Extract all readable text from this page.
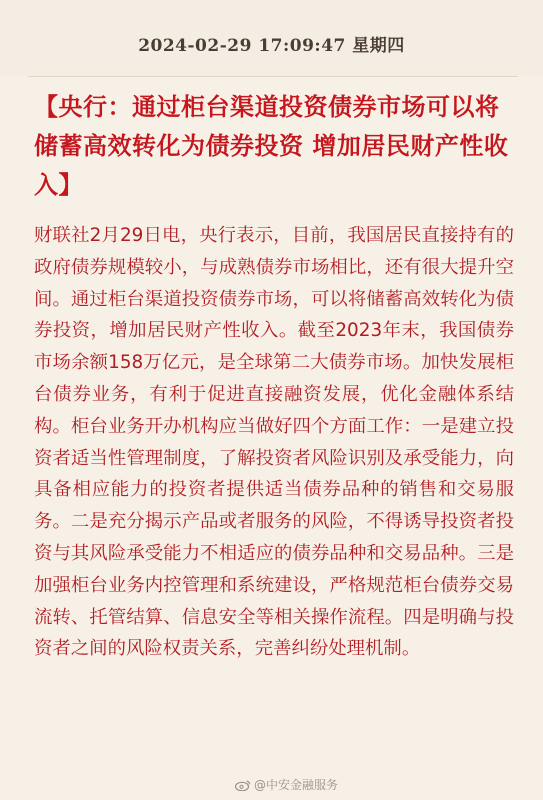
2024-02-29 17:09:47 星期四
【央行：通过柜台渠道投资债券市场可以将储蓄高效转化为债券投资 增加居民财产性收入】
财联社2月29日电，央行表示，目前，我国居民直接持有的政府债券规模较小，与成熟债券市场相比，还有很大提升空间。通过柜台渠道投资债券市场，可以将储蓄高效转化为债券投资，增加居民财产性收入。截至2023年末，我国债券市场余额158万亿元，是全球第二大债券市场。加快发展柜台债券业务，有利于促进直接融资发展，优化金融体系结构。柜台业务开办机构应当做好四个方面工作：一是建立投资者适当性管理制度，了解投资者风险识别及承受能力，向具备相应能力的投资者提供适当债券品种的销售和交易服务。二是充分揭示产品或者服务的风险，不得诱导投资者投资与其风险承受能力不相适应的债券品种和交易品种。三是加强柜台业务内控管理和系统建设，严格规范柜台债券交易流转、托管结算、信息安全等相关操作流程。四是明确与投资者之间的风险权责关系，完善纠纷处理机制。
@中安金融服务
